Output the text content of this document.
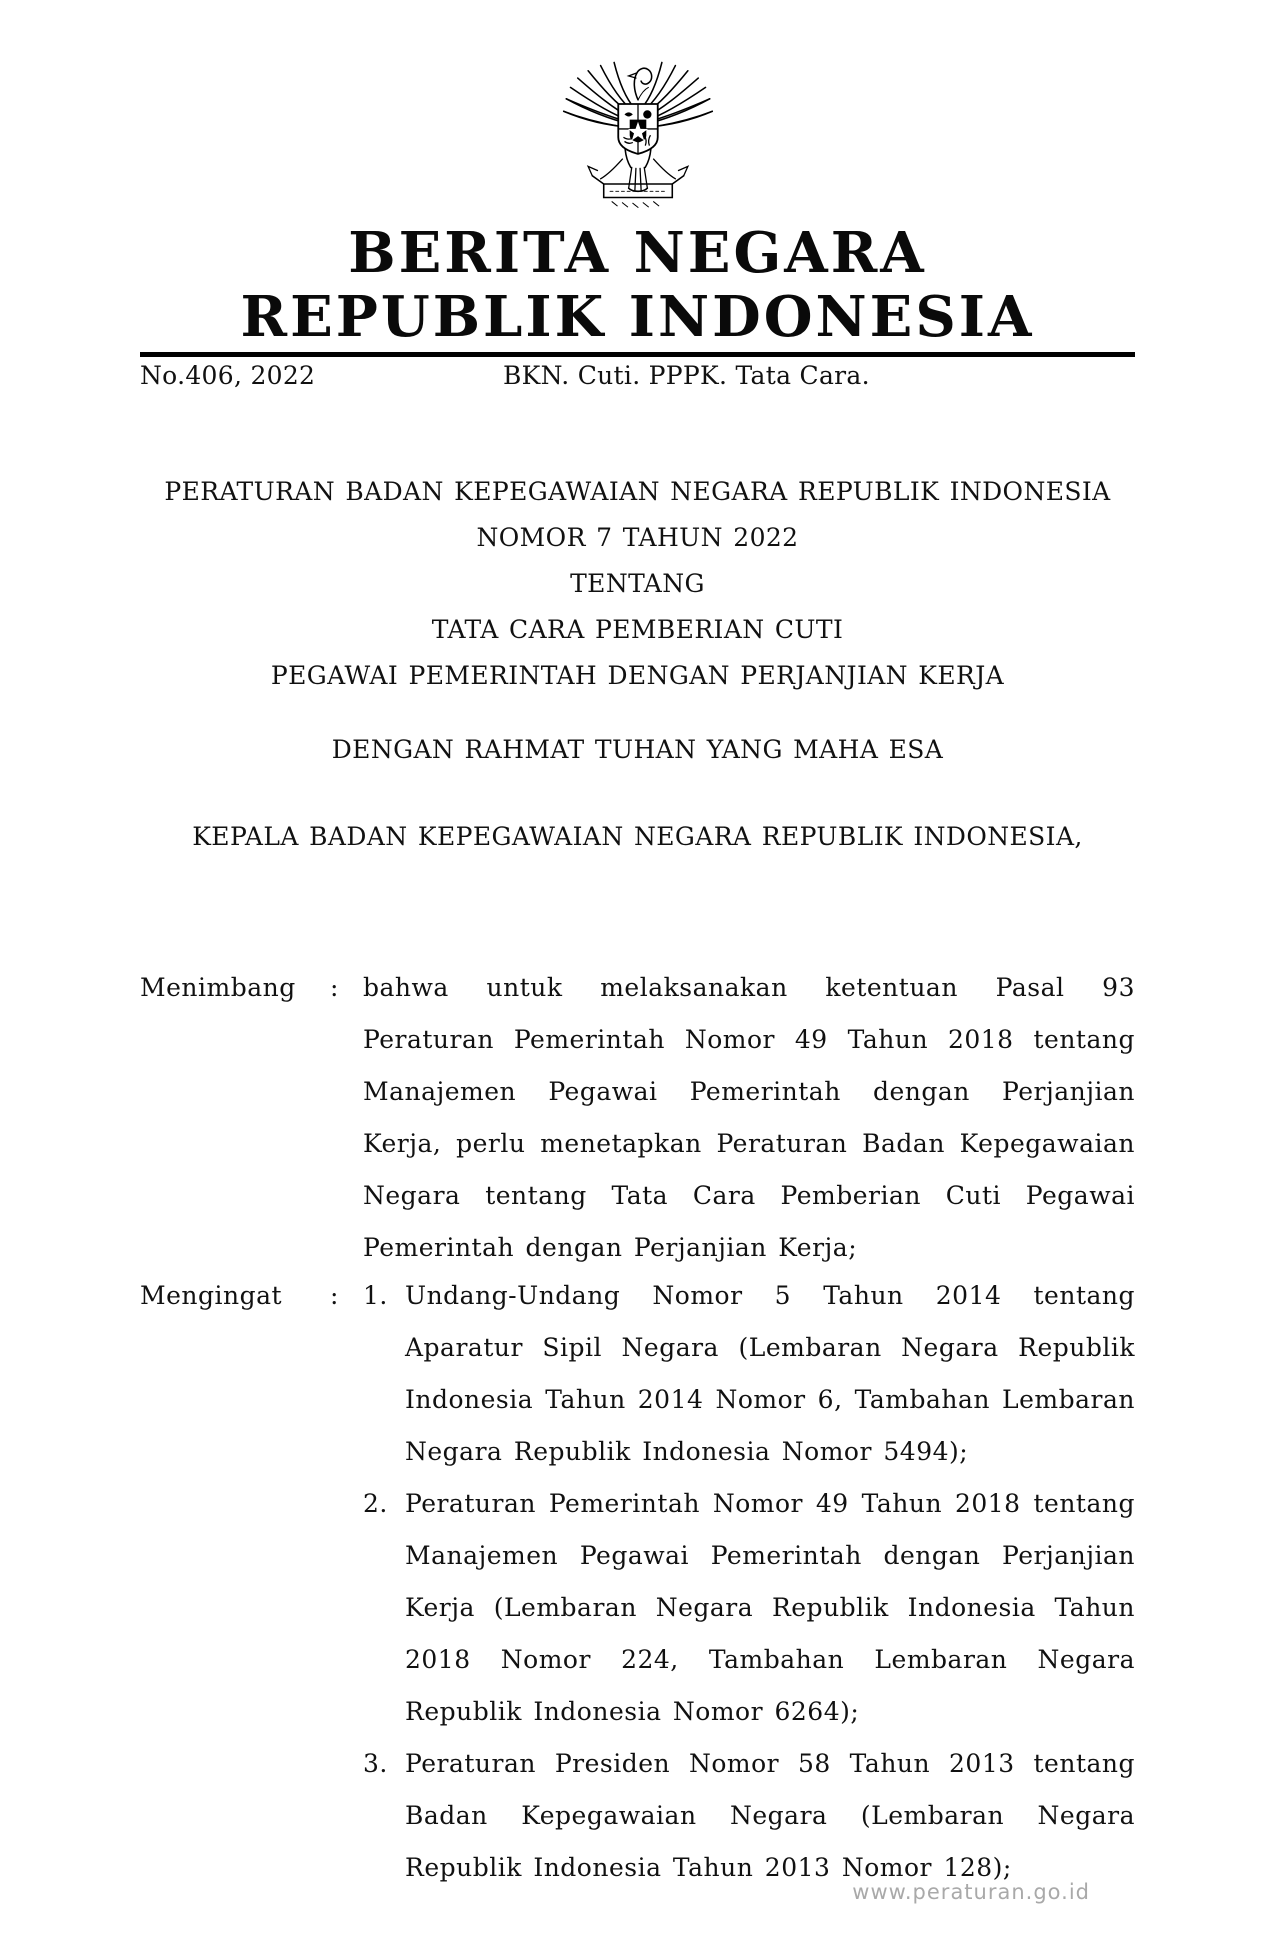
BERITA NEGARA
REPUBLIK INDONESIA
No.406, 2022	BKN. Cuti. PPPK. Tata Cara.
PERATURAN BADAN KEPEGAWAIAN NEGARA REPUBLIK INDONESIA
NOMOR 7 TAHUN 2022
TENTANG
TATA CARA PEMBERIAN CUTI
PEGAWAI PEMERINTAH DENGAN PERJANJIAN KERJA
DENGAN RAHMAT TUHAN YANG MAHA ESA
KEPALA BADAN KEPEGAWAIAN NEGARA REPUBLIK INDONESIA,
Menimbang	: bahwa untuk melaksanakan ketentuan Pasal 93 Peraturan Pemerintah Nomor 49 Tahun 2018 tentang Manajemen Pegawai Pemerintah dengan Perjanjian Kerja, perlu menetapkan Peraturan Badan Kepegawaian Negara tentang Tata Cara Pemberian Cuti Pegawai Pemerintah dengan Perjanjian Kerja;
Mengingat	: 1. Undang-Undang Nomor 5 Tahun 2014 tentang Aparatur Sipil Negara (Lembaran Negara Republik Indonesia Tahun 2014 Nomor 6, Tambahan Lembaran Negara Republik Indonesia Nomor 5494);
2. Peraturan Pemerintah Nomor 49 Tahun 2018 tentang Manajemen Pegawai Pemerintah dengan Perjanjian Kerja (Lembaran Negara Republik Indonesia Tahun 2018 Nomor 224, Tambahan Lembaran Negara Republik Indonesia Nomor 6264);
3. Peraturan Presiden Nomor 58 Tahun 2013 tentang Badan Kepegawaian Negara (Lembaran Negara Republik Indonesia Tahun 2013 Nomor 128);
www.peraturan.go.id
